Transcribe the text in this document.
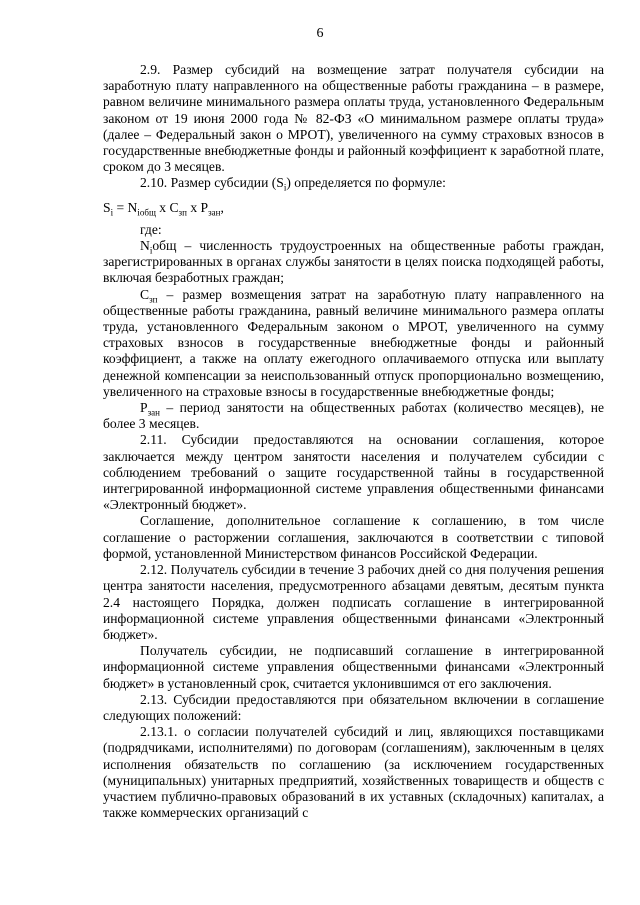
6

2.9. Размер субсидий на возмещение затрат получателя субсидии на заработную плату направленного на общественные работы гражданина – в размере, равном величине минимального размера оплаты труда, установленного Федеральным законом от 19 июня 2000 года № 82-ФЗ «О минимальном размере оплаты труда» (далее – Федеральный закон о МРОТ), увеличенного на сумму страховых взносов в государственные внебюджетные фонды и районный коэффициент к заработной плате, сроком до 3 месяцев.

2.10. Размер субсидии $(S_i)$ определяется по формуле:

$S_i = N_{iобщ}$ x $C_{зп}$ x $P_{зан}$,

где:

$N_iобщ$ – численность трудоустроенных на общественные работы граждан, зарегистрированных в органах службы занятости в целях поиска подходящей работы, включая безработных граждан;

$С_{зп}$ – размер возмещения затрат на заработную плату направленного на общественные работы гражданина, равный величине минимального размера оплаты труда, установленного Федеральным законом о МРОТ, увеличенного на сумму страховых взносов в государственные внебюджетные фонды и районный коэффициент, а также на оплату ежегодного оплачиваемого отпуска или выплату денежной компенсации за неиспользованный отпуск пропорционально возмещению, увеличенного на страховые взносы в государственные внебюджетные фонды;

$Р_{зан}$ – период занятости на общественных работах (количество месяцев), не более 3 месяцев.

2.11. Субсидии предоставляются на основании соглашения, которое заключается между центром занятости населения и получателем субсидии с соблюдением требований о защите государственной тайны в государственной интегрированной информационной системе управления общественными финансами «Электронный бюджет».

Соглашение, дополнительное соглашение к соглашению, в том числе соглашение о расторжении соглашения, заключаются в соответствии с типовой формой, установленной Министерством финансов Российской Федерации.

2.12. Получатель субсидии в течение 3 рабочих дней со дня получения решения центра занятости населения, предусмотренного абзацами девятым, десятым пункта 2.4 настоящего Порядка, должен подписать соглашение в интегрированной информационной системе управления общественными финансами «Электронный бюджет».

Получатель субсидии, не подписавший соглашение в интегрированной информационной системе управления общественными финансами «Электронный бюджет» в установленный срок, считается уклонившимся от его заключения.

2.13. Субсидии предоставляются при обязательном включении в соглашение следующих положений:

2.13.1. о согласии получателей субсидий и лиц, являющихся поставщиками (подрядчиками, исполнителями) по договорам (соглашениям), заключенным в целях исполнения обязательств по соглашению (за исключением государственных (муниципальных) унитарных предприятий, хозяйственных товариществ и обществ с участием публично-правовых образований в их уставных (складочных) капиталах, а также коммерческих организаций с
